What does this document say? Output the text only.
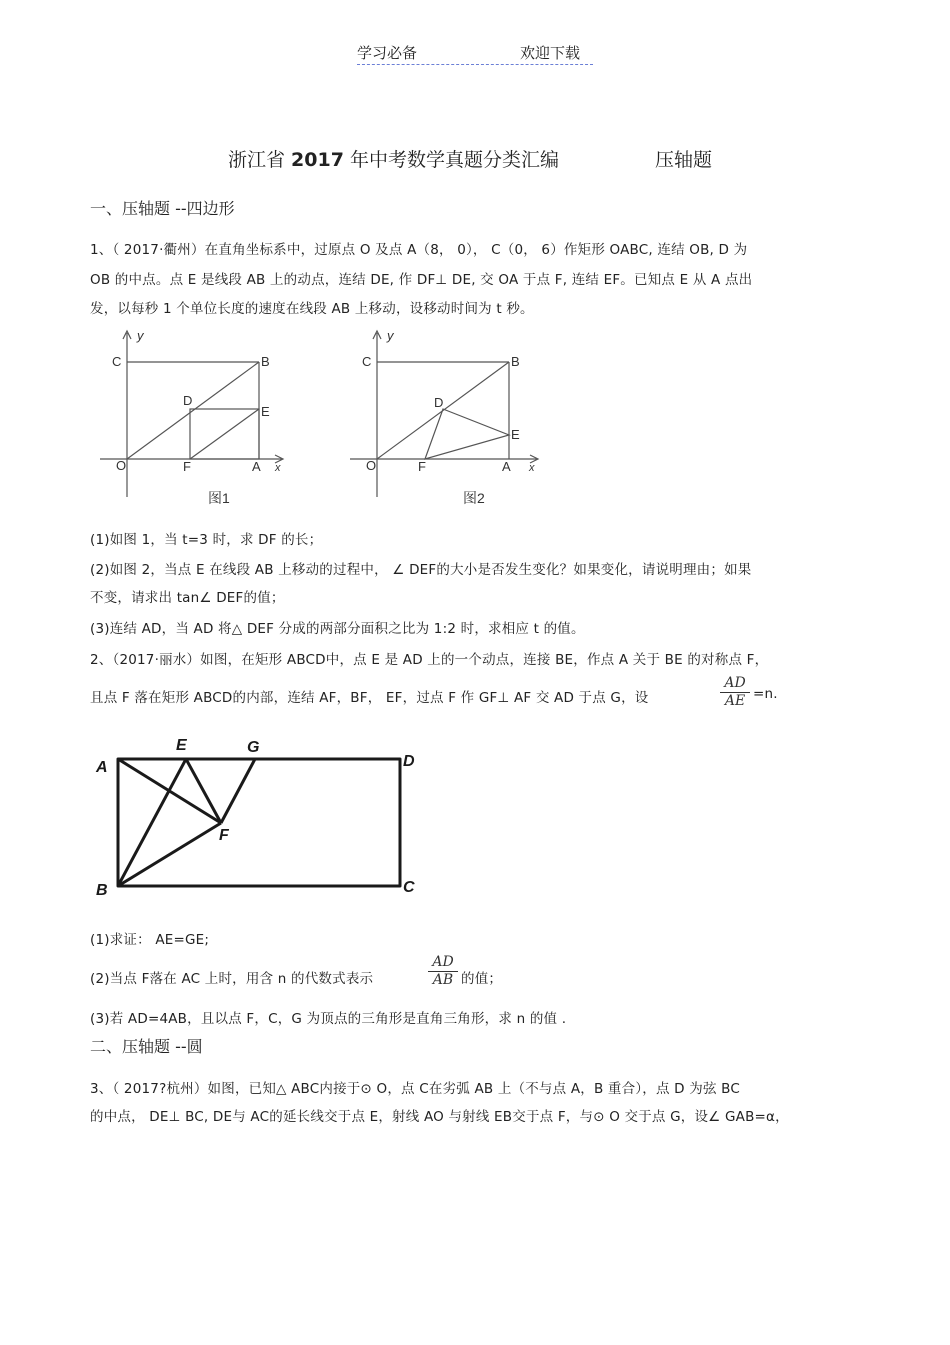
学习必备	欢迎下载
浙江省 2017 年中考数学真题分类汇编	压轴题
一、压轴题 --四边形
1、（ 2017·衢州）在直角坐标系中，过原点 O 及点 A（8， 0）， C（0， 6）作矩形 OABC, 连结 OB, D 为
OB 的中点。点 E 是线段 AB 上的动点，连结 DE, 作 DF⊥ DE, 交 OA 于点 F, 连结 EF。已知点 E 从 A 点出
发，以每秒 1 个单位长度的速度在线段 AB 上移动，设移动时间为 t 秒。
y
C	B
D
E
O	F	A x
图1
y
C	B
D
E
O	F	A x
图2
(1)如图 1，当 t=3 时，求 DF 的长；
(2)如图 2，当点 E 在线段 AB 上移动的过程中， ∠ DEF的大小是否发生变化？如果变化，请说明理由；如果
不变，请求出 tan∠ DEF的值；
(3)连结 AD，当 AD 将△ DEF 分成的两部分面积之比为 1:2 时，求相应 t 的值。
2、（2017·丽水）如图，在矩形 ABCD中，点 E 是 AD 上的一个动点，连接 BE，作点 A 关于 BE 的对称点 F，
且点 F 落在矩形 ABCD的内部，连结 AF，BF， EF，过点 F 作 GF⊥ AF 交 AD 于点 G，设
AD
AE =n.
E	G
A	D
F
B	C
(1)求证： AE=GE;
(2)当点 F落在 AC 上时，用含 n 的代数式表示
AD
AB 的值；
(3)若 AD=4AB，且以点 F，C，G 为顶点的三角形是直角三角形，求 n 的值 .
二、压轴题 --圆
3、（ 2017?杭州）如图，已知△ ABC内接于⊙ O，点 C在劣弧 AB 上（不与点 A，B 重合），点 D 为弦 BC
的中点， DE⊥ BC, DE与 AC的延长线交于点 E，射线 AO 与射线 EB交于点 F，与⊙ O 交于点 G，设∠ GAB=α，
